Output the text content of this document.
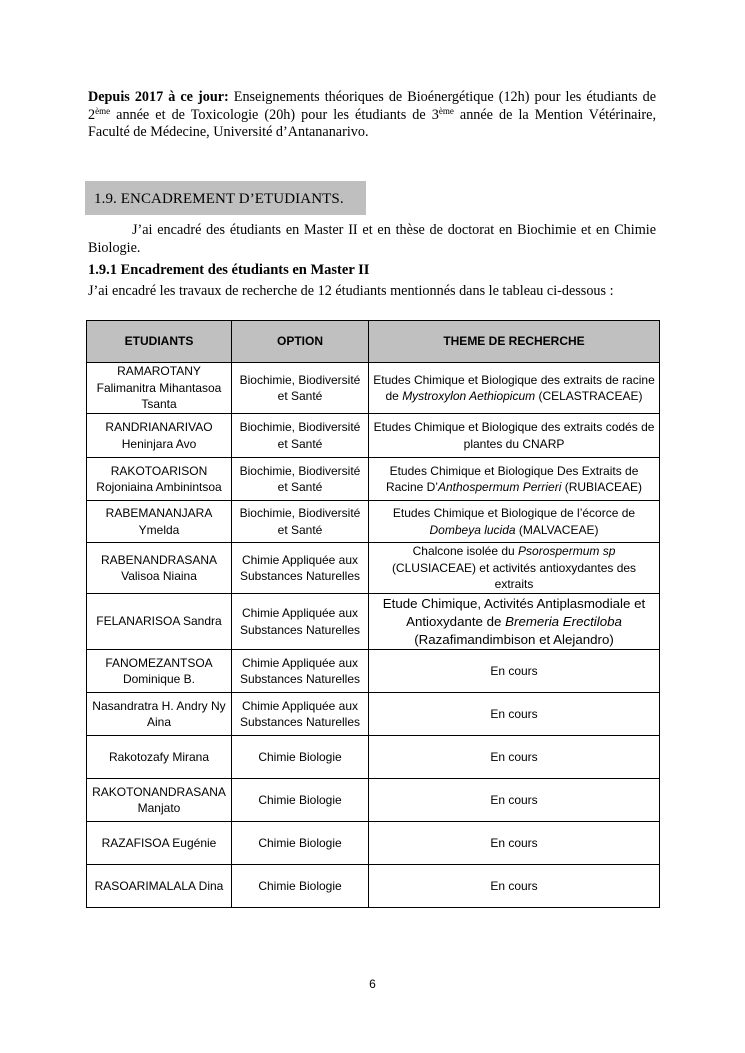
Depuis 2017 à ce jour: Enseignements théoriques de Bioénergétique (12h) pour les étudiants de 2ème année et de Toxicologie (20h) pour les étudiants de 3ème année de la Mention Vétérinaire, Faculté de Médecine, Université d’Antananarivo.

1.9. ENCADREMENT D’ETUDIANTS.

J’ai encadré des étudiants en Master II et en thèse de doctorat en Biochimie et en Chimie Biologie.

1.9.1 Encadrement des étudiants en Master II
J’ai encadré les travaux de recherche de 12 étudiants mentionnés dans le tableau ci-dessous :
ETUDIANTS	OPTION	THEME DE RECHERCHE
RAMAROTANY Falimanitra Mihantasoa Tsanta	Biochimie, Biodiversité et Santé	Etudes Chimique et Biologique des extraits de racine de Mystroxylon Aethiopicum (CELASTRACEAE)
RANDRIANARIVAO Heninjara Avo	Biochimie, Biodiversité et Santé	Etudes Chimique et Biologique des extraits codés de plantes du CNARP
RAKOTOARISON Rojoniaina Ambinintsoa	Biochimie, Biodiversité et Santé	Etudes Chimique et Biologique Des Extraits de Racine D’Anthospermum Perrieri (RUBIACEAE)
RABEMANANJARA Ymelda	Biochimie, Biodiversité et Santé	Etudes Chimique et Biologique de l’écorce de Dombeya lucida (MALVACEAE)
RABENANDRASANA Valisoa Niaina	Chimie Appliquée aux Substances Naturelles	Chalcone isolée du Psorospermum sp (CLUSIACEAE) et activités antioxydantes des extraits
FELANARISOA Sandra	Chimie Appliquée aux Substances Naturelles	Etude Chimique, Activités Antiplasmodiale et Antioxydante de Bremeria Erectiloba (Razafimandimbison et Alejandro)
FANOMEZANTSOA Dominique B.	Chimie Appliquée aux Substances Naturelles	En cours
Nasandratra H. Andry Ny Aina	Chimie Appliquée aux Substances Naturelles	En cours
Rakotozafy Mirana	Chimie Biologie	En cours
RAKOTONANDRASANA Manjato	Chimie Biologie	En cours
RAZAFISOA Eugénie	Chimie Biologie	En cours
RASOARIMALALA Dina	Chimie Biologie	En cours
6
